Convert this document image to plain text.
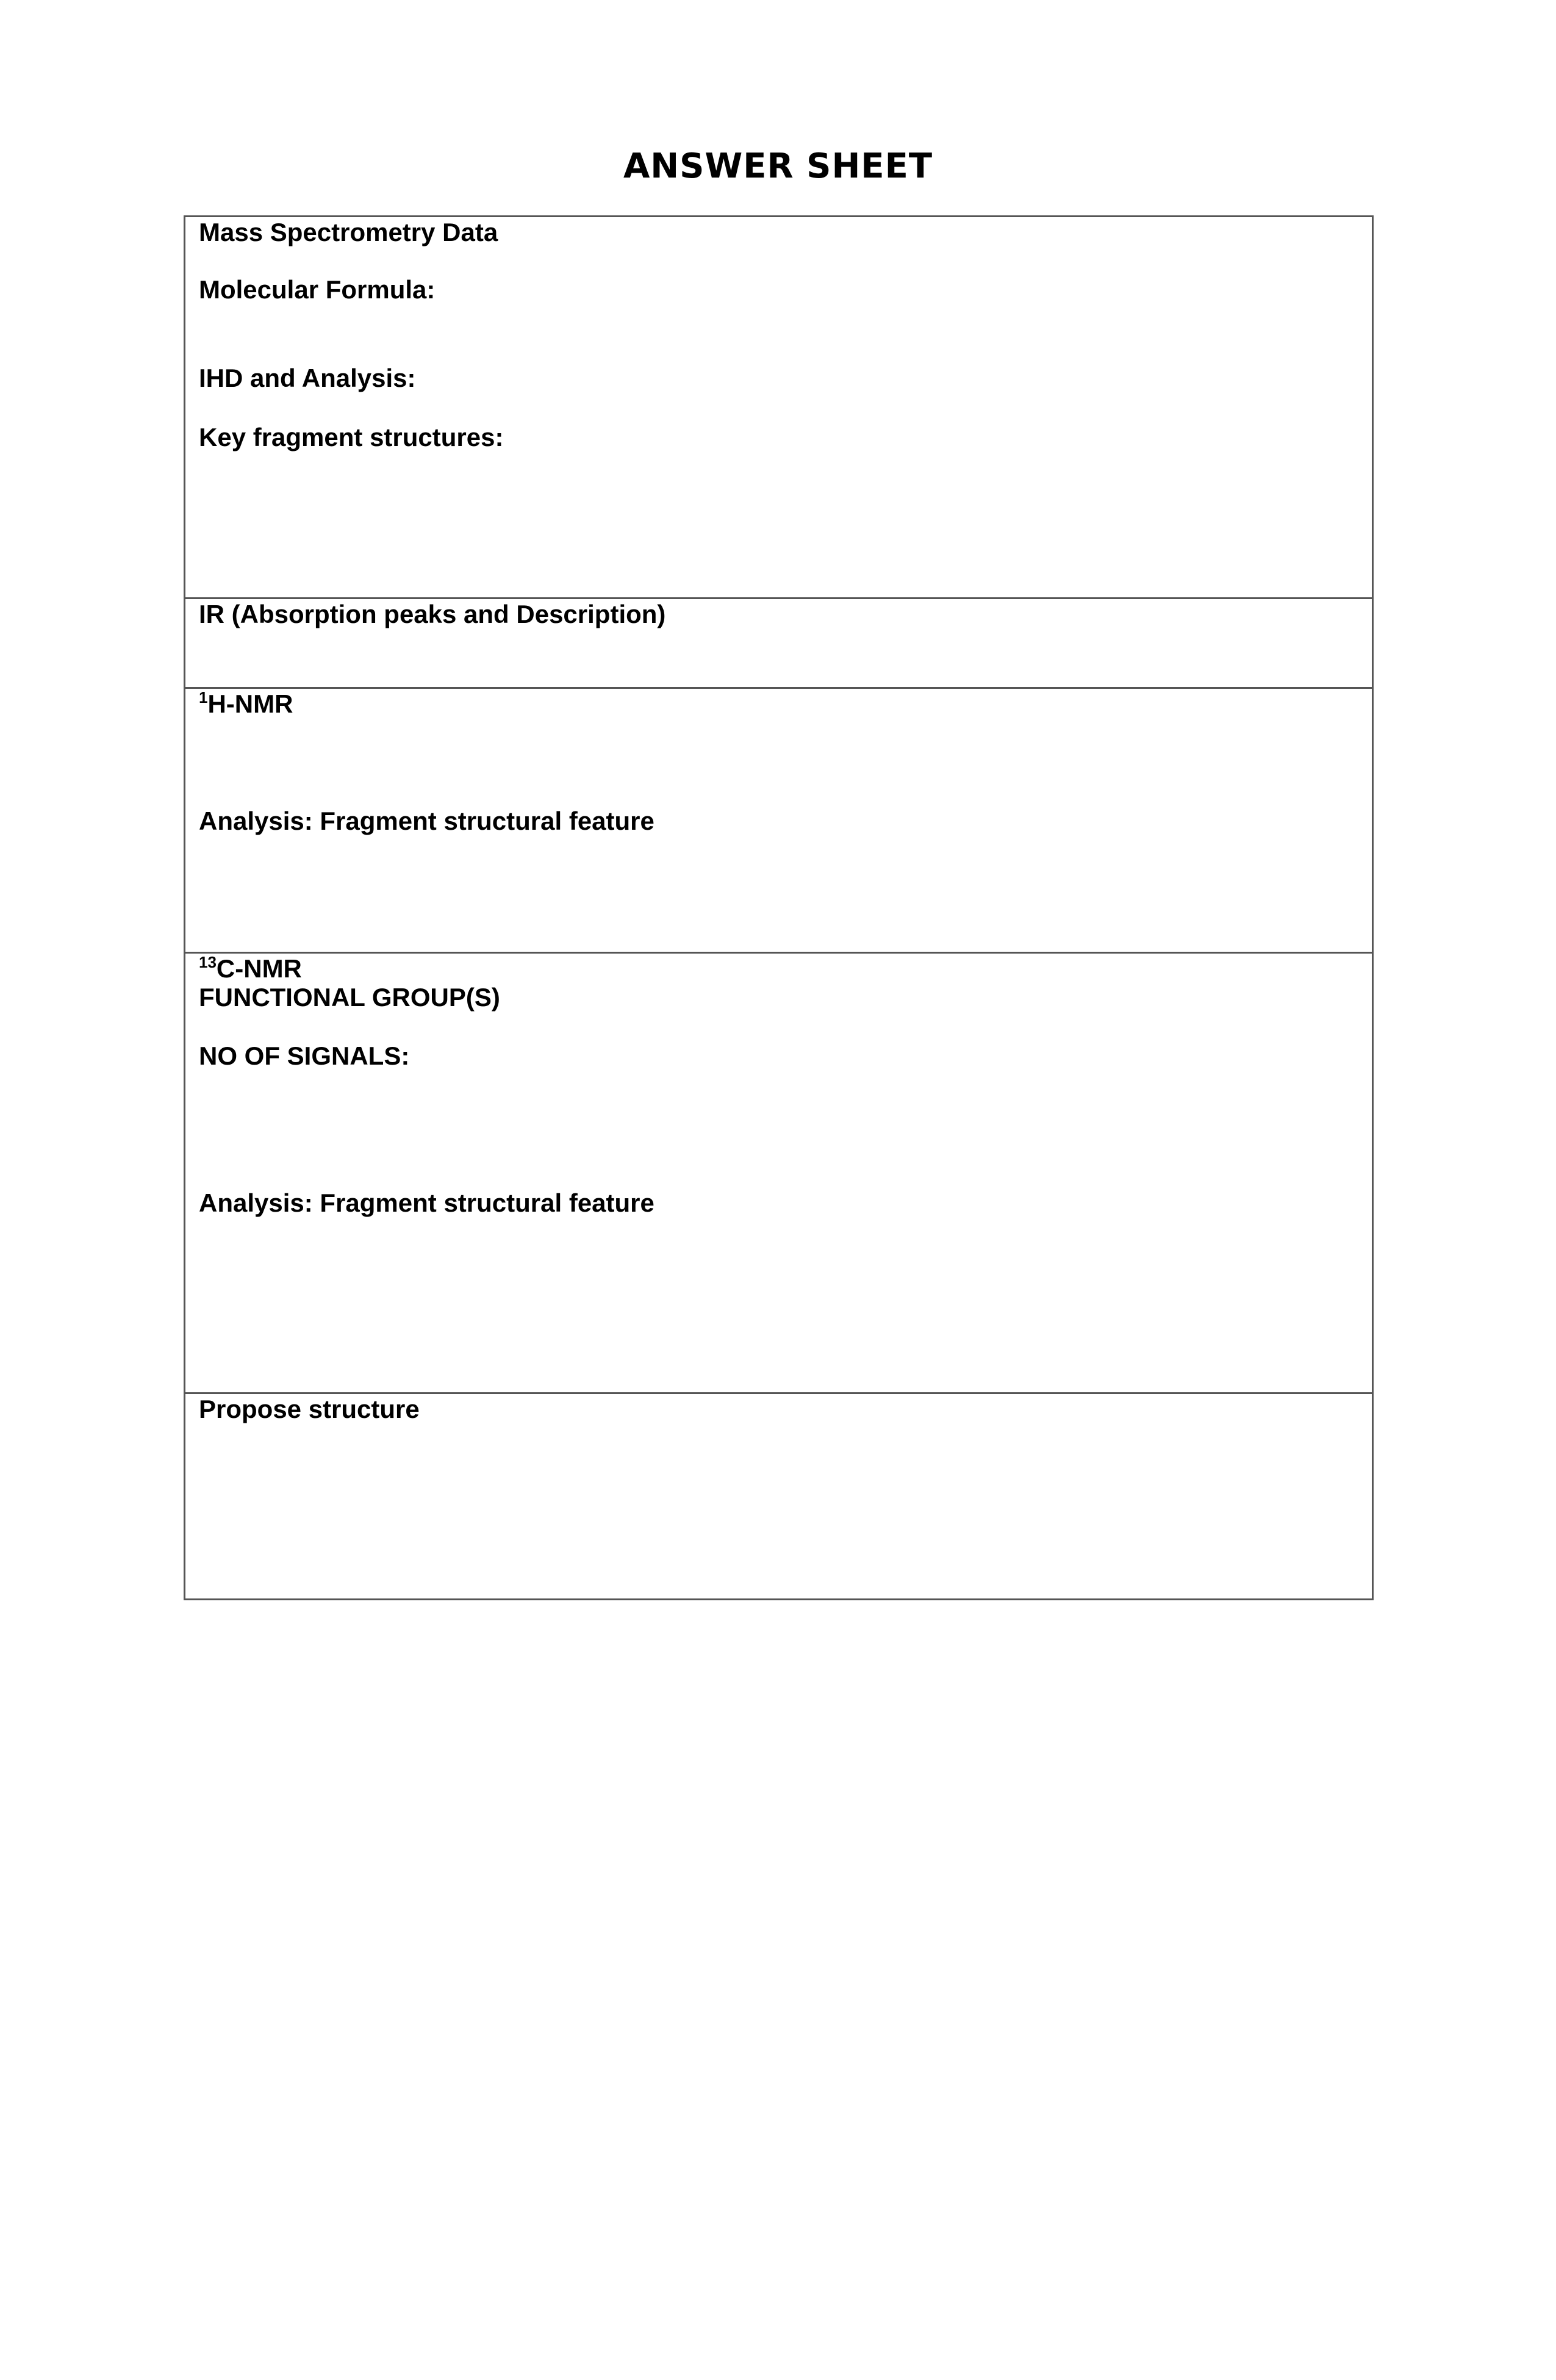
ANSWER SHEET
Mass Spectrometry Data
Molecular Formula:
IHD and Analysis:
Key fragment structures:
IR (Absorption peaks and Description)
$^1$H-NMR
Analysis: Fragment structural feature
$^{13}$C-NMR
FUNCTIONAL GROUP(S)
NO OF SIGNALS:
Analysis: Fragment structural feature
Propose structure
